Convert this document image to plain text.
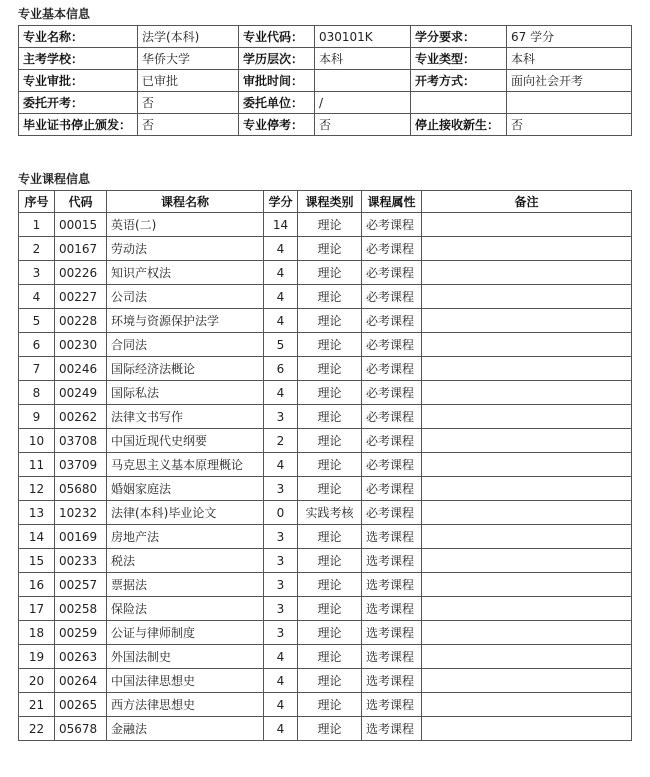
专业基本信息
专业名称：	法学(本科)	专业代码：	030101K	学分要求：	67 学分
主考学校：	华侨大学	学历层次：	本科	专业类型：	本科
专业审批：	已审批	审批时间：		开考方式：	面向社会开考
委托开考：	否	委托单位：	/		
毕业证书停止颁发：	否	专业停考：	否	停止接收新生：	否
专业课程信息
序号	代码	课程名称	学分	课程类别	课程属性	备注
1	00015	英语(二)	14	理论	必考课程	
2	00167	劳动法	4	理论	必考课程	
3	00226	知识产权法	4	理论	必考课程	
4	00227	公司法	4	理论	必考课程	
5	00228	环境与资源保护法学	4	理论	必考课程	
6	00230	合同法	5	理论	必考课程	
7	00246	国际经济法概论	6	理论	必考课程	
8	00249	国际私法	4	理论	必考课程	
9	00262	法律文书写作	3	理论	必考课程	
10	03708	中国近现代史纲要	2	理论	必考课程	
11	03709	马克思主义基本原理概论	4	理论	必考课程	
12	05680	婚姻家庭法	3	理论	必考课程	
13	10232	法律(本科)毕业论文	0	实践考核	必考课程	
14	00169	房地产法	3	理论	选考课程	
15	00233	税法	3	理论	选考课程	
16	00257	票据法	3	理论	选考课程	
17	00258	保险法	3	理论	选考课程	
18	00259	公证与律师制度	3	理论	选考课程	
19	00263	外国法制史	4	理论	选考课程	
20	00264	中国法律思想史	4	理论	选考课程	
21	00265	西方法律思想史	4	理论	选考课程	
22	05678	金融法	4	理论	选考课程	
